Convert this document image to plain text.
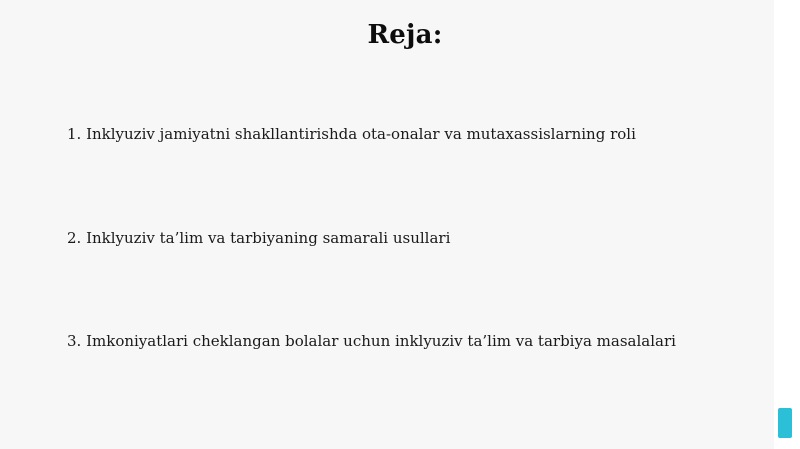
Reja:

1. Inklyuziv jamiyatni shakllantirishda ota-onalar va mutaxassislarning roli

2. Inklyuziv ta’lim va tarbiyaning samarali usullari

3. Imkoniyatlari cheklangan bolalar uchun inklyuziv ta’lim va tarbiya masalalari
